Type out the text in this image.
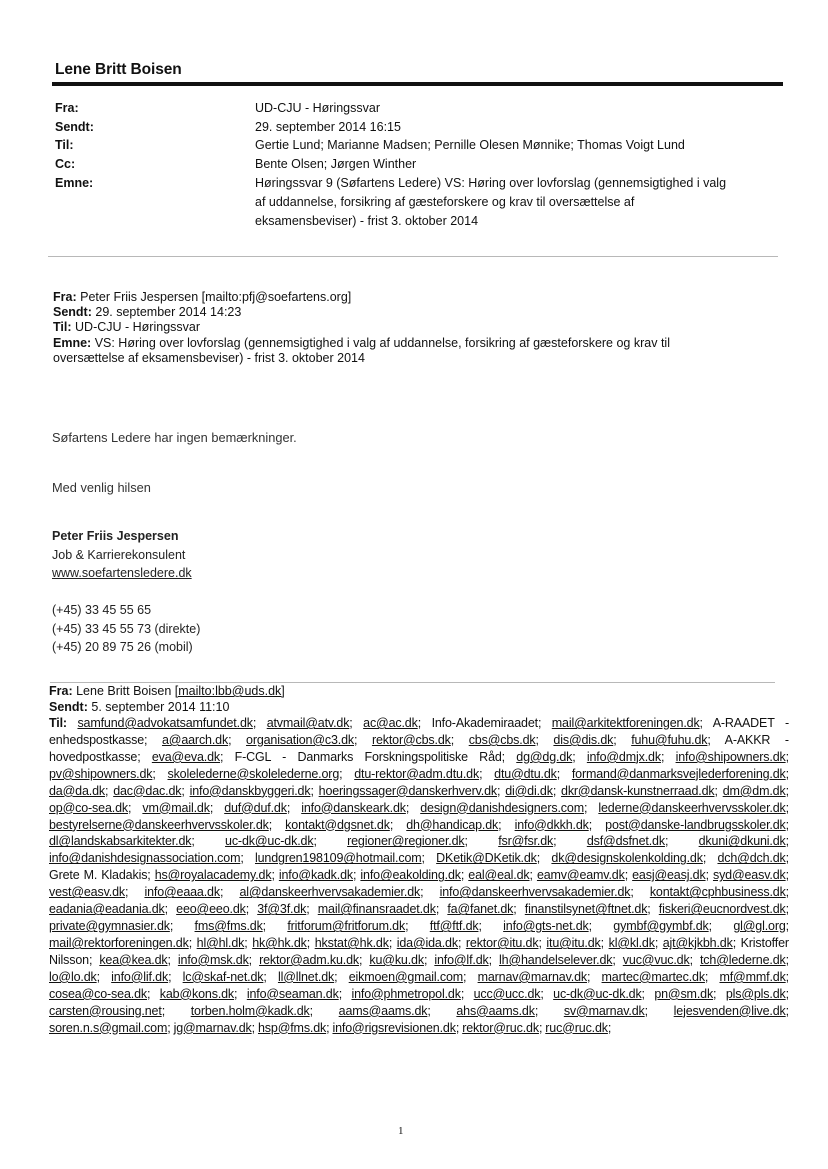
Lene Britt Boisen
Fra:	UD-CJU - Høringssvar
Sendt:	29. september 2014 16:15
Til:	Gertie Lund; Marianne Madsen; Pernille Olesen Mønnike; Thomas Voigt Lund
Cc:	Bente Olsen; Jørgen Winther
Emne:	Høringssvar 9 (Søfartens Ledere) VS: Høring over lovforslag (gennemsigtighed i valg
af uddannelse, forsikring af gæsteforskere og krav til oversættelse af
eksamensbeviser) - frist 3. oktober 2014
Fra: Peter Friis Jespersen [mailto:pfj@soefartens.org]
Sendt: 29. september 2014 14:23
Til: UD-CJU - Høringssvar
Emne: VS: Høring over lovforslag (gennemsigtighed i valg af uddannelse, forsikring af gæsteforskere og krav til
oversættelse af eksamensbeviser) - frist 3. oktober 2014
Søfartens Ledere har ingen bemærkninger.
Med venlig hilsen
Peter Friis Jespersen
Job & Karrierekonsulent
www.soefartensledere.dk
(+45) 33 45 55 65
(+45) 33 45 55 73 (direkte)
(+45) 20 89 75 26 (mobil)
Fra: Lene Britt Boisen [mailto:lbb@uds.dk]
Sendt: 5. september 2014 11:10
Til: samfund@advokatsamfundet.dk; atvmail@atv.dk; ac@ac.dk; Info-Akademiraadet; mail@arkitektforeningen.dk; A-RAADET - enhedspostkasse; a@aarch.dk; organisation@c3.dk; rektor@cbs.dk; cbs@cbs.dk; dis@dis.dk; fuhu@fuhu.dk; A-AKKR - hovedpostkasse; eva@eva.dk; F-CGL - Danmarks Forskningspolitiske Råd; dg@dg.dk; info@dmjx.dk; info@shipowners.dk; pv@shipowners.dk; skolelederne@skolelederne.org; dtu-rektor@adm.dtu.dk; dtu@dtu.dk; formand@danmarksvejlederforening.dk; da@da.dk; dac@dac.dk; info@danskbyggeri.dk; hoeringssager@danskerhverv.dk; di@di.dk; dkr@dansk-kunstnerraad.dk; dm@dm.dk; op@co-sea.dk; vm@mail.dk; duf@duf.dk; info@danskeark.dk; design@danishdesigners.com; lederne@danskeerhvervsskoler.dk; bestyrelserne@danskeerhvervsskoler.dk; kontakt@dgsnet.dk; dh@handicap.dk; info@dkkh.dk; post@danske-landbrugsskoler.dk; dl@landskabsarkitekter.dk; uc-dk@uc-dk.dk; regioner@regioner.dk; fsr@fsr.dk; dsf@dsfnet.dk; dkuni@dkuni.dk; info@danishdesignassociation.com; lundgren198109@hotmail.com; DKetik@DKetik.dk; dk@designskolenkolding.dk; dch@dch.dk; Grete M. Kladakis; hs@royalacademy.dk; info@kadk.dk; info@eakolding.dk; eal@eal.dk; eamv@eamv.dk; easj@easj.dk; syd@easv.dk; vest@easv.dk; info@eaaa.dk; al@danskeerhvervsakademier.dk; info@danskeerhvervsakademier.dk; kontakt@cphbusiness.dk; eadania@eadania.dk; eeo@eeo.dk; 3f@3f.dk; mail@finansraadet.dk; fa@fanet.dk; finanstilsynet@ftnet.dk; fiskeri@eucnordvest.dk; private@gymnasier.dk; fms@fms.dk; fritforum@fritforum.dk; ftf@ftf.dk; info@gts-net.dk; gymbf@gymbf.dk; gl@gl.org; mail@rektorforeningen.dk; hl@hl.dk; hk@hk.dk; hkstat@hk.dk; ida@ida.dk; rektor@itu.dk; itu@itu.dk; kl@kl.dk; ajt@kjkbh.dk; Kristoffer Nilsson; kea@kea.dk; info@msk.dk; rektor@adm.ku.dk; ku@ku.dk; info@lf.dk; lh@handelselever.dk; vuc@vuc.dk; tch@lederne.dk; lo@lo.dk; info@lif.dk; lc@skaf-net.dk; ll@llnet.dk; eikmoen@gmail.com; marnav@marnav.dk; martec@martec.dk; mf@mmf.dk; cosea@co-sea.dk; kab@kons.dk; info@seaman.dk; info@phmetropol.dk; ucc@ucc.dk; uc-dk@uc-dk.dk; pn@sm.dk; pls@pls.dk; carsten@rousing.net; torben.holm@kadk.dk; aams@aams.dk; ahs@aams.dk; sv@marnav.dk; lejesvenden@live.dk; soren.n.s@gmail.com; jg@marnav.dk; hsp@fms.dk; info@rigsrevisionen.dk; rektor@ruc.dk; ruc@ruc.dk;
1
